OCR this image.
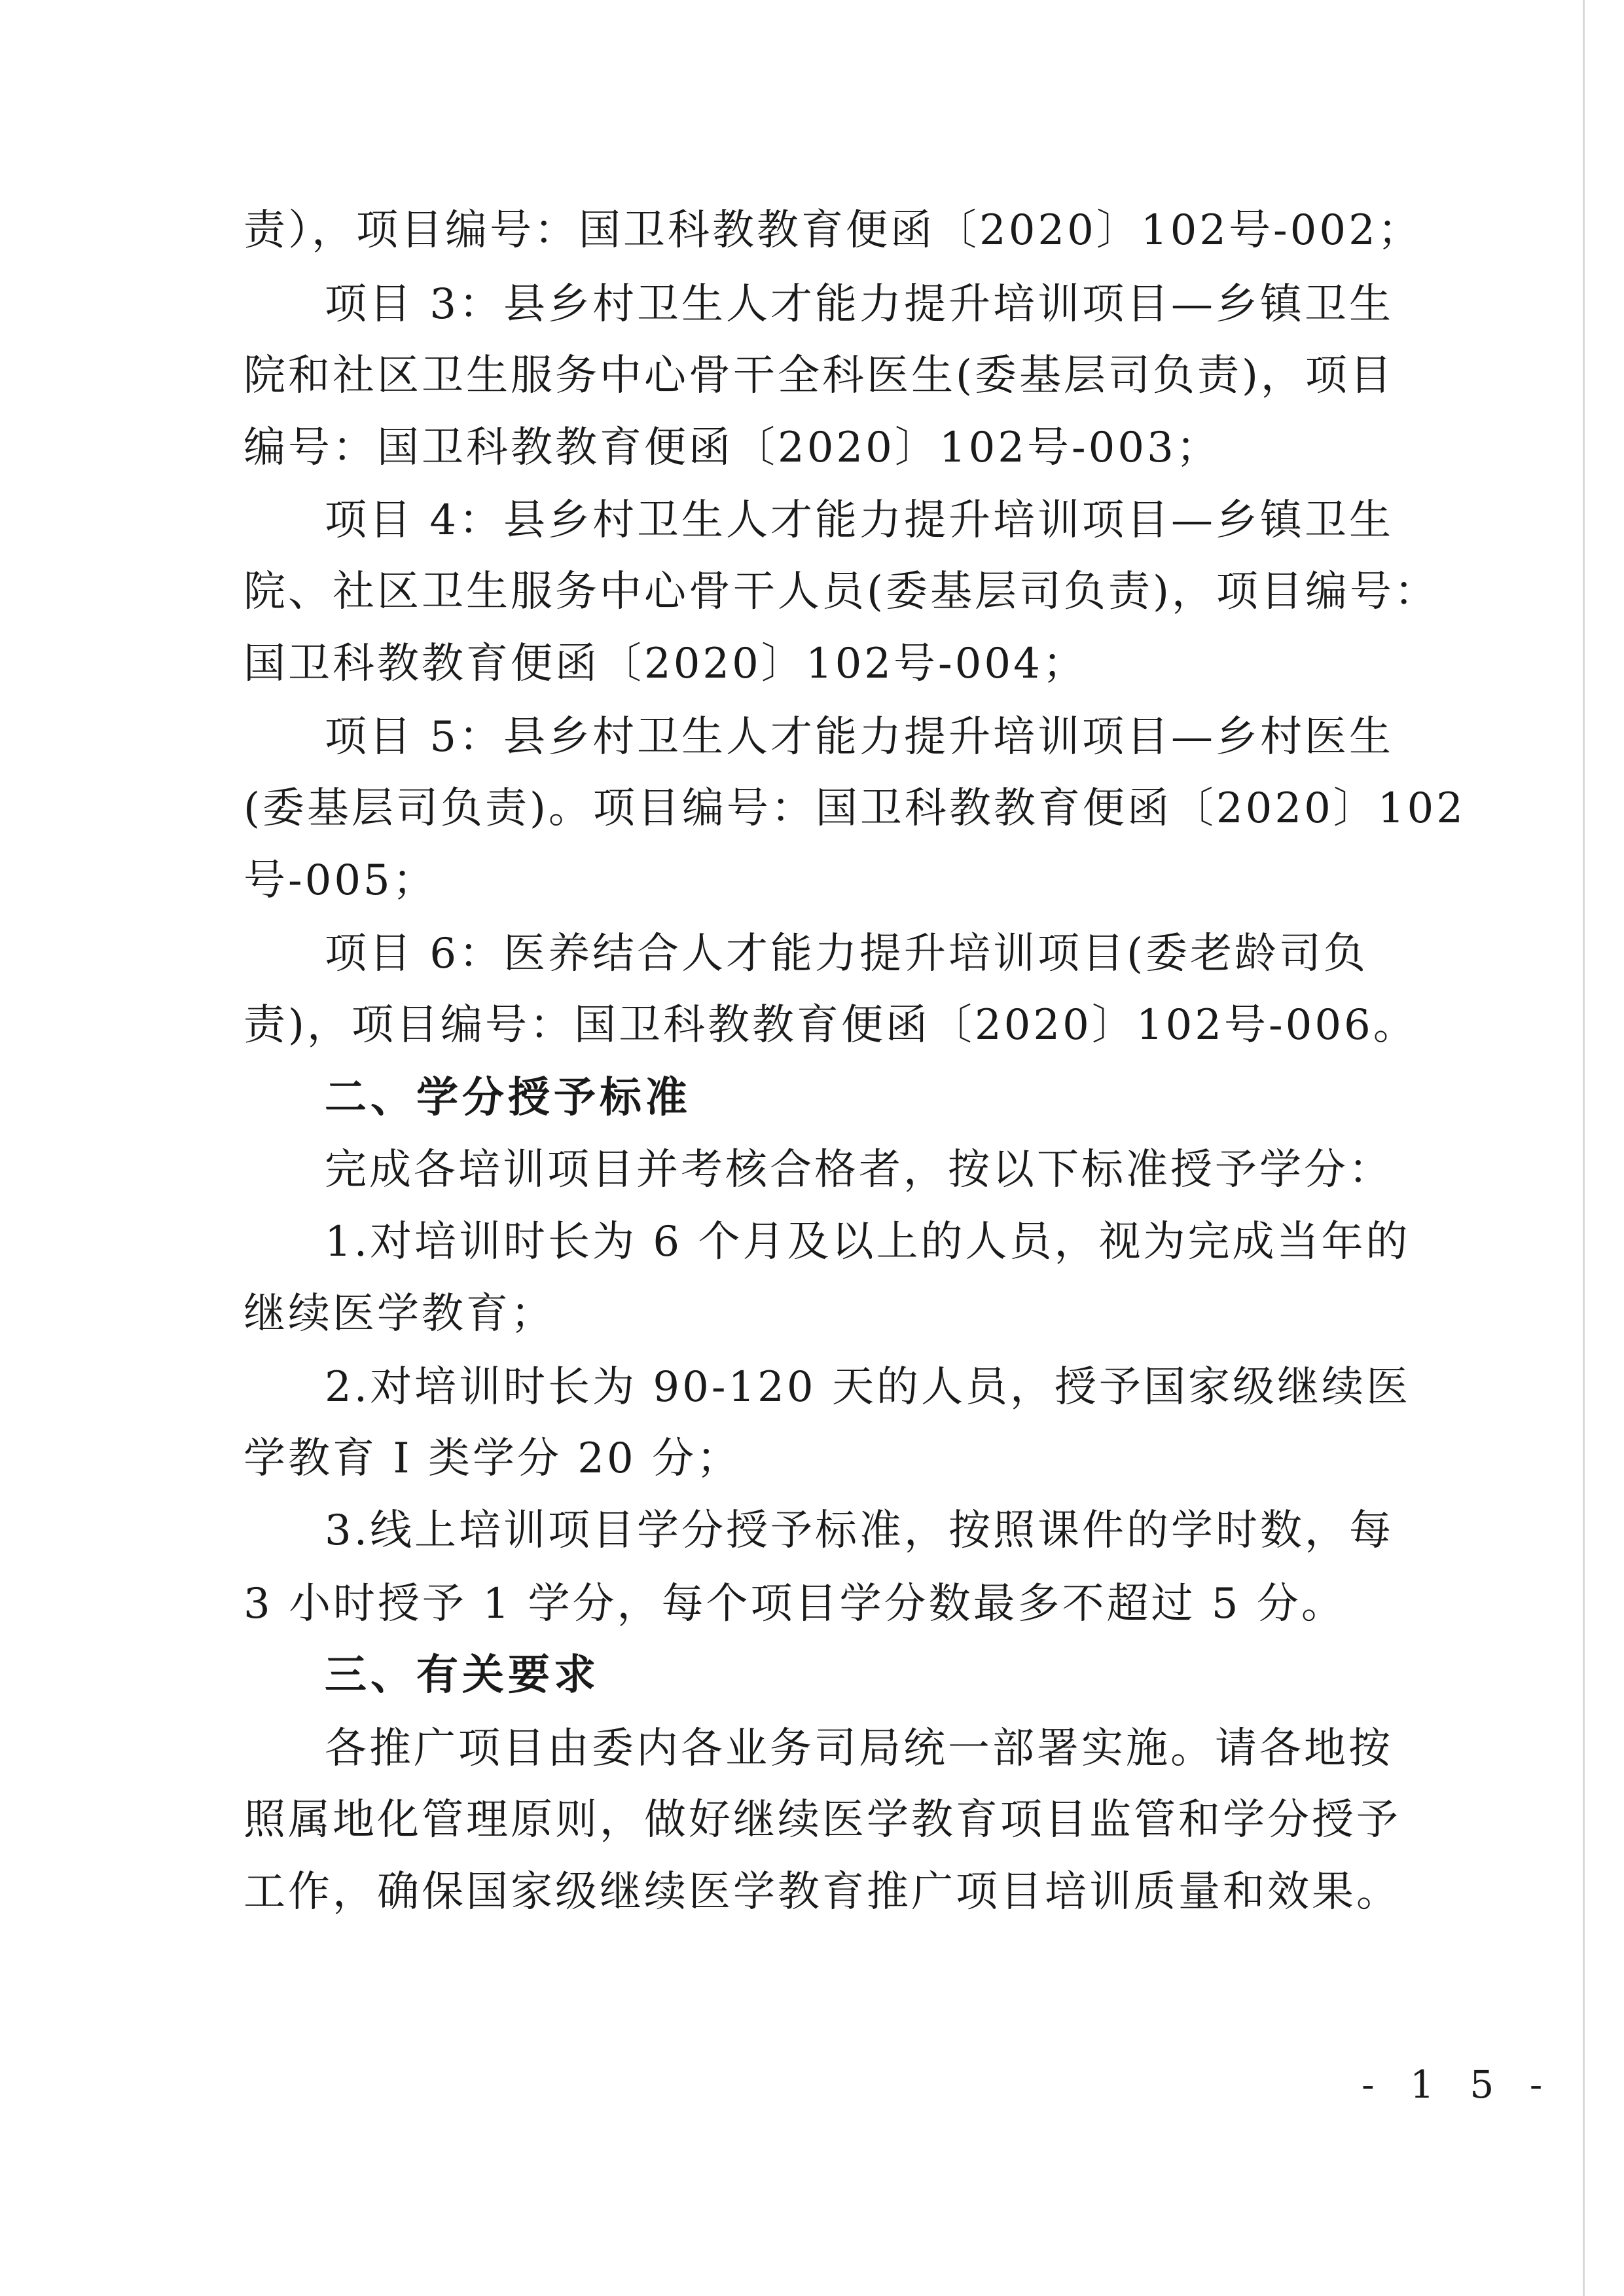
责），项目编号：国卫科教教育便函〔2020〕102号-002；
项目 3：县乡村卫生人才能力提升培训项目—乡镇卫生
院和社区卫生服务中心骨干全科医生(委基层司负责)，项目
编号：国卫科教教育便函〔2020〕102号-003；
项目 4：县乡村卫生人才能力提升培训项目—乡镇卫生
院、社区卫生服务中心骨干人员(委基层司负责)，项目编号：
国卫科教教育便函〔2020〕102号-004；
项目 5：县乡村卫生人才能力提升培训项目—乡村医生
(委基层司负责)。项目编号：国卫科教教育便函〔2020〕102
号-005；
项目 6：医养结合人才能力提升培训项目(委老龄司负
责)，项目编号：国卫科教教育便函〔2020〕102号-006。
二、学分授予标准
完成各培训项目并考核合格者，按以下标准授予学分：
1.对培训时长为 6 个月及以上的人员，视为完成当年的
继续医学教育；
2.对培训时长为 90-120 天的人员，授予国家级继续医
学教育 I 类学分 20 分；
3.线上培训项目学分授予标准，按照课件的学时数，每
3 小时授予 1 学分，每个项目学分数最多不超过 5 分。
三、有关要求
各推广项目由委内各业务司局统一部署实施。请各地按
照属地化管理原则，做好继续医学教育项目监管和学分授予
工作，确保国家级继续医学教育推广项目培训质量和效果。
- 1 5 -
